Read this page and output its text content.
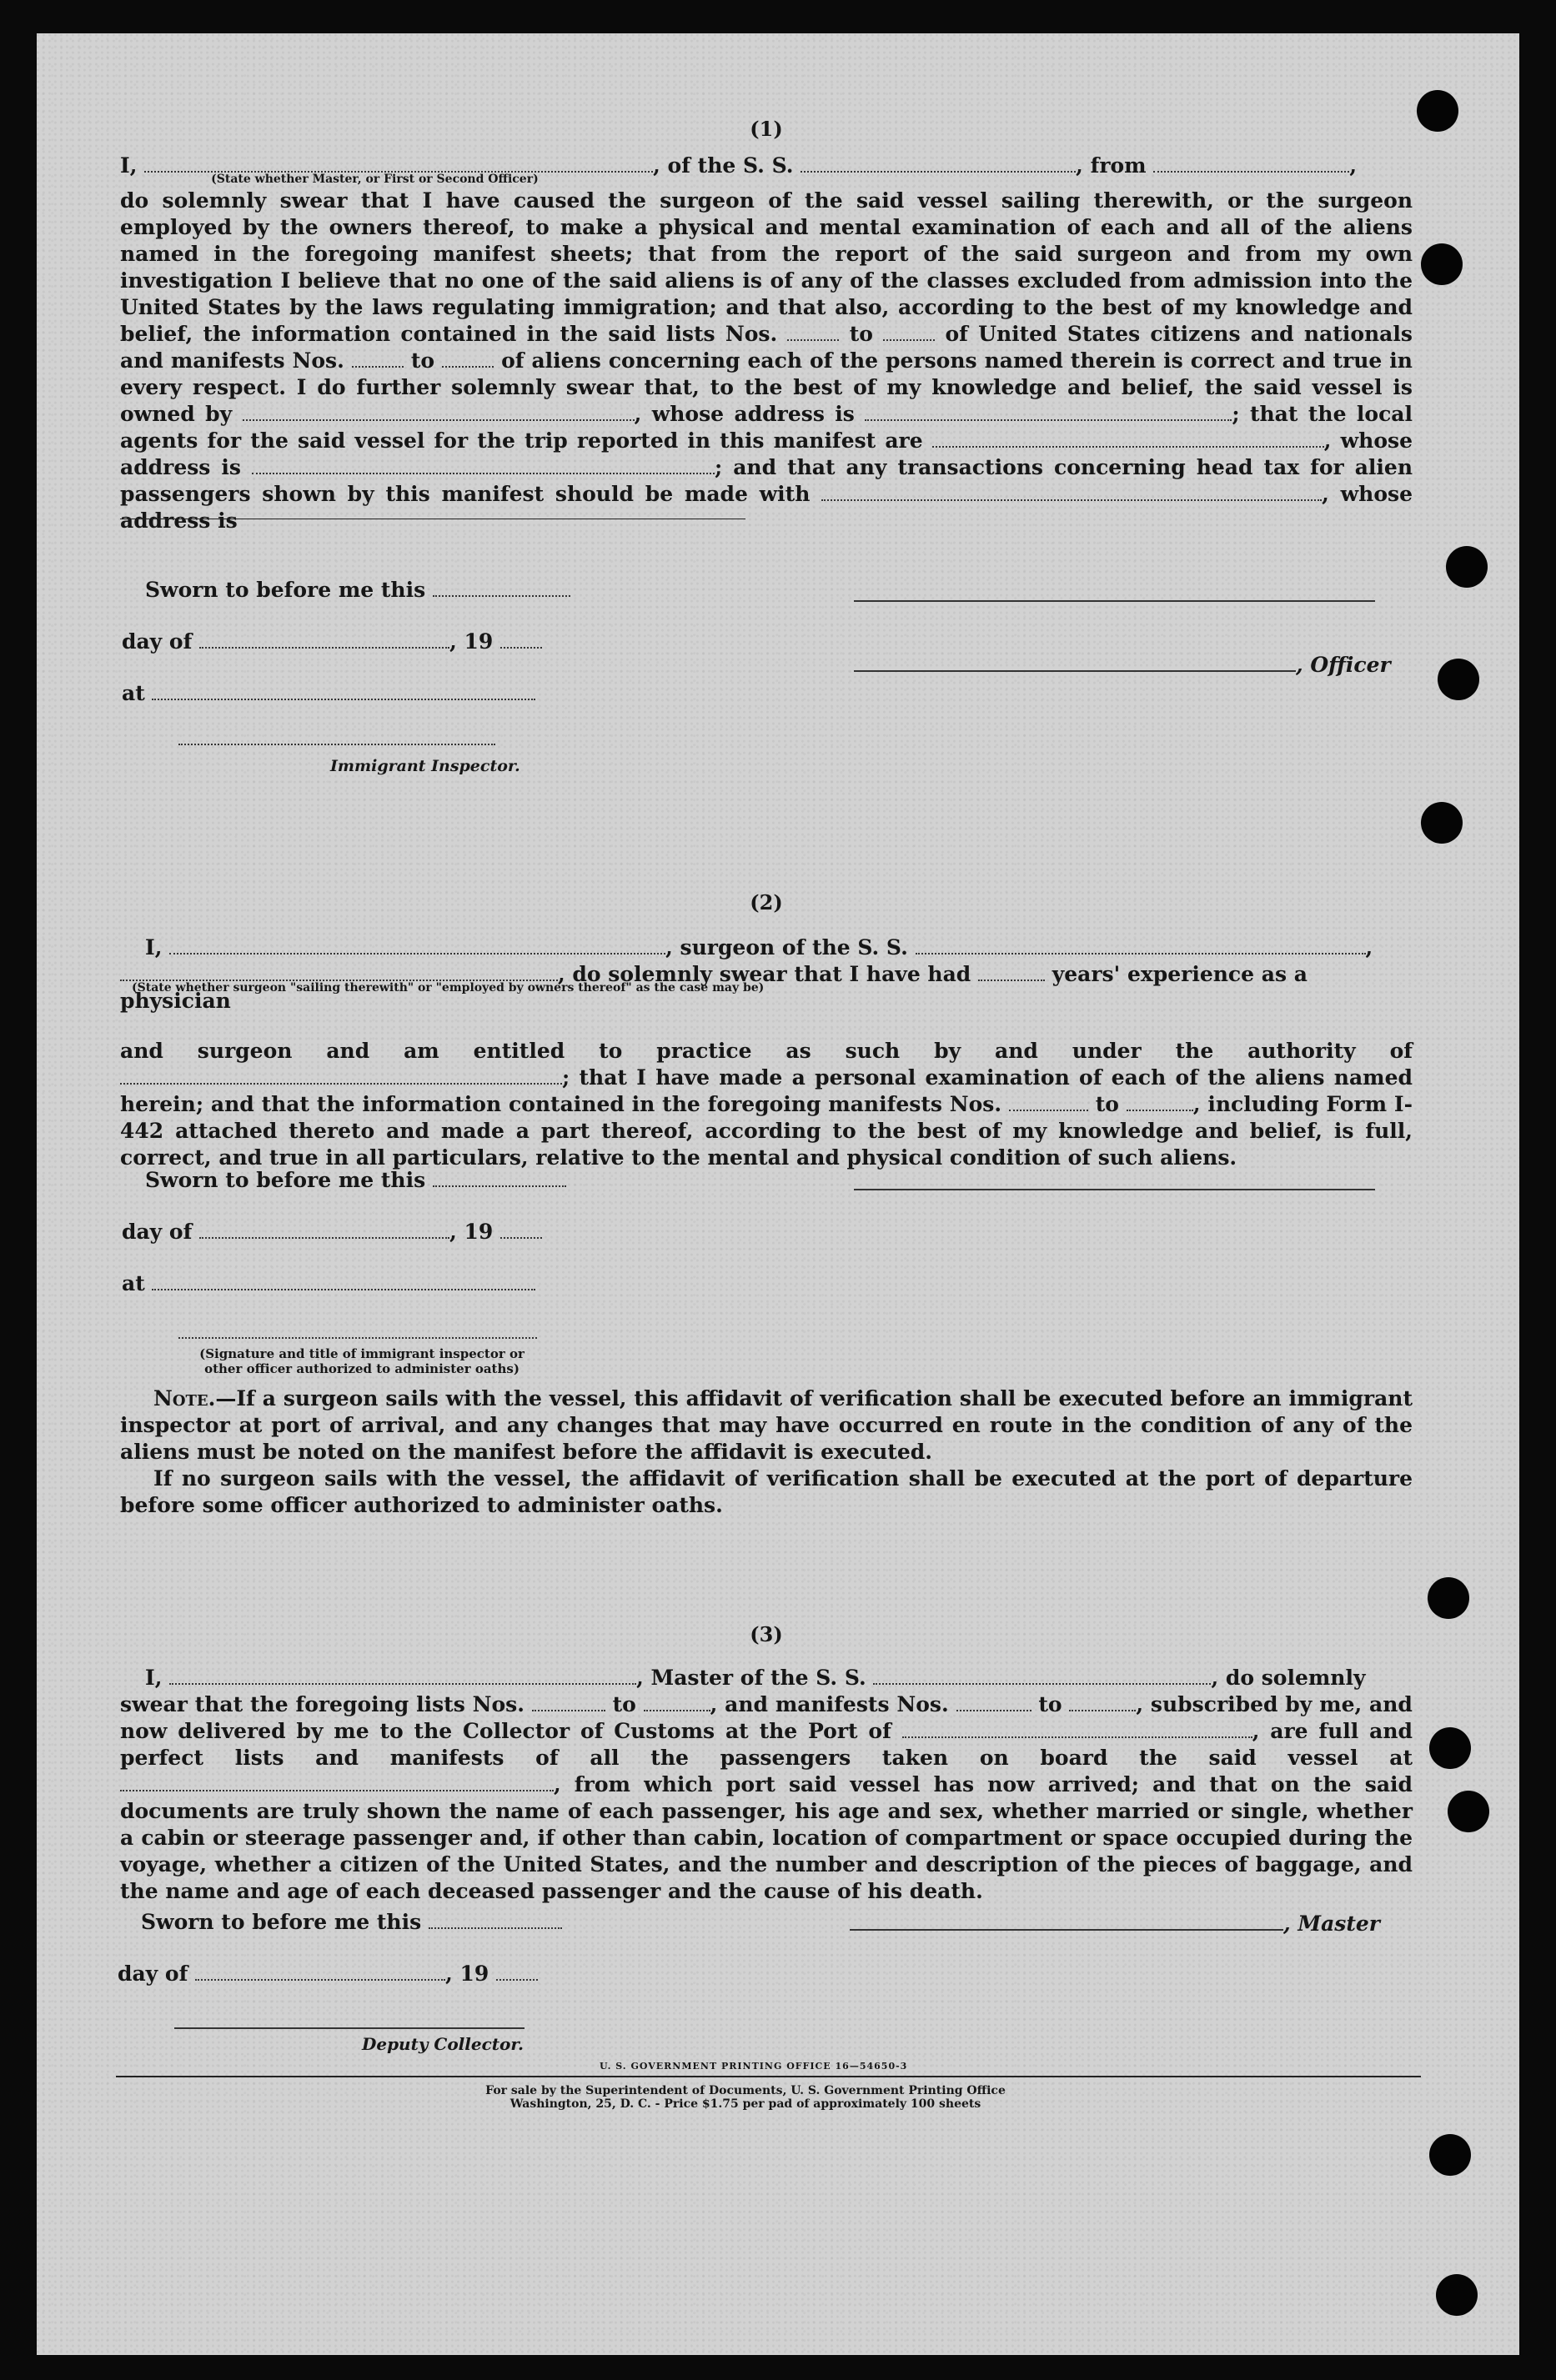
(1)

I,
(State whether Master, or First or Second Officer)
, of the S. S.	, from	,

do solemnly swear that I have caused the surgeon of the said vessel sailing therewith, or the surgeon employed by the owners thereof, to make a physical and mental examination of each and all of the aliens named in the foregoing manifest sheets; that from the report of the said surgeon and from my own investigation I believe that no one of the said aliens is of any of the classes excluded from admission into the United States by the laws regulating immigration; and that also, according to the best of my knowledge and belief, the information contained in the said lists Nos.	to	of United States citizens and nationals and manifests Nos.	to	of aliens concerning each of the persons named therein is correct and true in every respect. I do further solemnly swear that, to the best of my knowledge and belief, the said vessel is owned by	, whose address is	; that the local agents for the said vessel for the trip reported in this manifest are	, whose address is	; and that any transactions concerning head tax for alien passengers shown by this manifest should be made with	, whose address is

Sworn to before me this
day of	, 19
at
Immigrant Inspector.
, Officer

(2)

I,	, surgeon of the S. S.	,
(State whether surgeon "sailing therewith" or "employed by owners thereof" as the case may be)
, do solemnly swear that I have had	years' experience as a physician

and surgeon and am entitled to practice as such by and under the authority of ; that I have made a personal examination of each of the aliens named herein; and that the information contained in the foregoing manifests Nos.	to	, including Form I-442 attached thereto and made a part thereof, according to the best of my knowledge and belief, is full, correct, and true in all particulars, relative to the mental and physical condition of such aliens.

Sworn to before me this
day of	, 19
at
(Signature and title of immigrant inspector or other officer authorized to administer oaths)

Note.—If a surgeon sails with the vessel, this affidavit of verification shall be executed before an immigrant inspector at port of arrival, and any changes that may have occurred en route in the condition of any of the aliens must be noted on the manifest before the affidavit is executed.

If no surgeon sails with the vessel, the affidavit of verification shall be executed at the port of departure before some officer authorized to administer oaths.

(3)

I,	, Master of the S. S.	, do solemnly

swear that the foregoing lists Nos.	to	, and manifests Nos.	to	, subscribed by me, and now delivered by me to the Collector of Customs at the Port of	, are full and perfect lists and manifests of all the passengers taken on board the said vessel at , from which port said vessel has now arrived; and that on the said documents are truly shown the name of each passenger, his age and sex, whether married or single, whether a cabin or steerage passenger and, if other than cabin, location of compartment or space occupied during the voyage, whether a citizen of the United States, and the number and description of the pieces of baggage, and the name and age of each deceased passenger and the cause of his death.

Sworn to before me this	, Master
day of	, 19
Deputy Collector.
U. S. GOVERNMENT PRINTING OFFICE 16—54650-3
For sale by the Superintendent of Documents, U. S. Government Printing Office
Washington, 25, D. C. - Price $1.75 per pad of approximately 100 sheets
